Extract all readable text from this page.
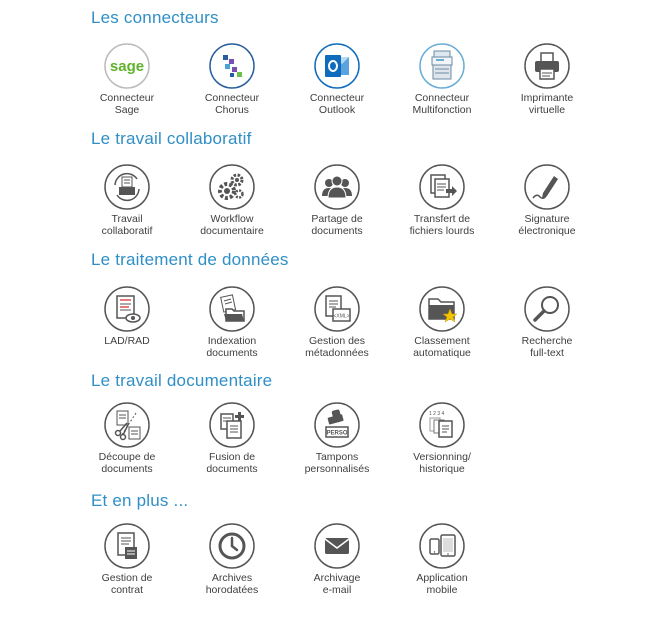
Les connecteurs
Le travail collaboratif
Le traitement de données
Le travail documentaire
Et en plus ...
sage
Connecteur
Sage
Connecteur
Chorus
Connecteur
Outlook
Connecteur
Multifonction
Imprimante
virtuelle
Travail
collaboratif
Workflow
documentaire
Partage de
documents
Transfert de
fichiers lourds
Signature
électronique
LAD/RAD	Indexation
documents
<XML>
Gestion des
métadonnées
Classement
automatique
Recherche
full-text
Découpe de
documents
Fusion de
documents
PERSO
Tampons
personnalisés
1 2 3 4
Versionning/
historique
Gestion de
contrat
Archives
horodatées
Archivage
e-mail
Application
mobile
